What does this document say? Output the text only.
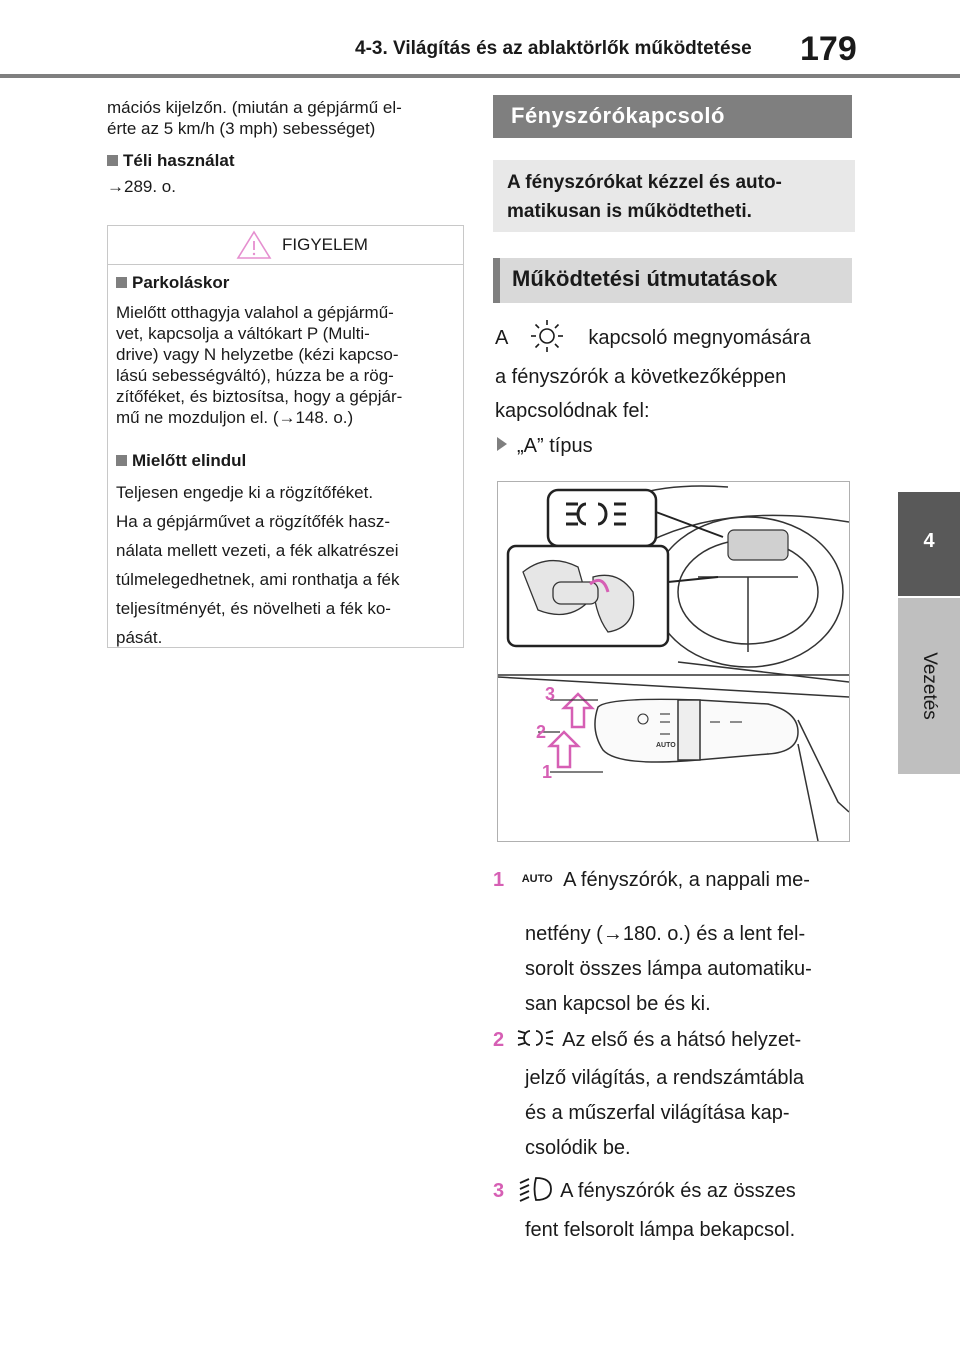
4-3. Világítás és az ablaktörlők működtetése 179
4
Vezetés
mációs kijelzőn. (miután a gépjármű el-
érte az 5 km/h (3 mph) sebességet)
Téli használat
→289. o.
FIGYELEM
Parkoláskor
Mielőtt otthagyja valahol a gépjármű-
vet, kapcsolja a váltókart P (Multi-
drive) vagy N helyzetbe (kézi kapcso-
lású sebességváltó), húzza be a rög-
zítőféket, és biztosítsa, hogy a gépjár-
mű ne mozduljon el. (→148. o.)
Mielőtt elindul
Teljesen engedje ki a rögzítőféket.
Ha a gépjárművet a rögzítőfék hasz-
nálata mellett vezeti, a fék alkatrészei
túlmelegedhetnek, ami ronthatja a fék
teljesítményét, és növelheti a fék ko-
pását.
Fényszórókapcsoló
A fényszórókat kézzel és auto-
matikusan is működtetheti.
Működtetési útmutatások
A	kapcsoló megnyomására
a fényszórók a következőképpen
kapcsolódnak fel:
„A” típus
AUTO
3
2
1
1 $^{AUTO}$ A fényszórók, a nappali me-
netfény (→180. o.) és a lent fel-
sorolt összes lámpa automatiku-
san kapcsol be és ki.
2	Az első és a hátsó helyzet-
jelző világítás, a rendszámtábla
és a műszerfal világítása kap-
csolódik be.
3	A fényszórók és az összes
fent felsorolt lámpa bekapcsol.
